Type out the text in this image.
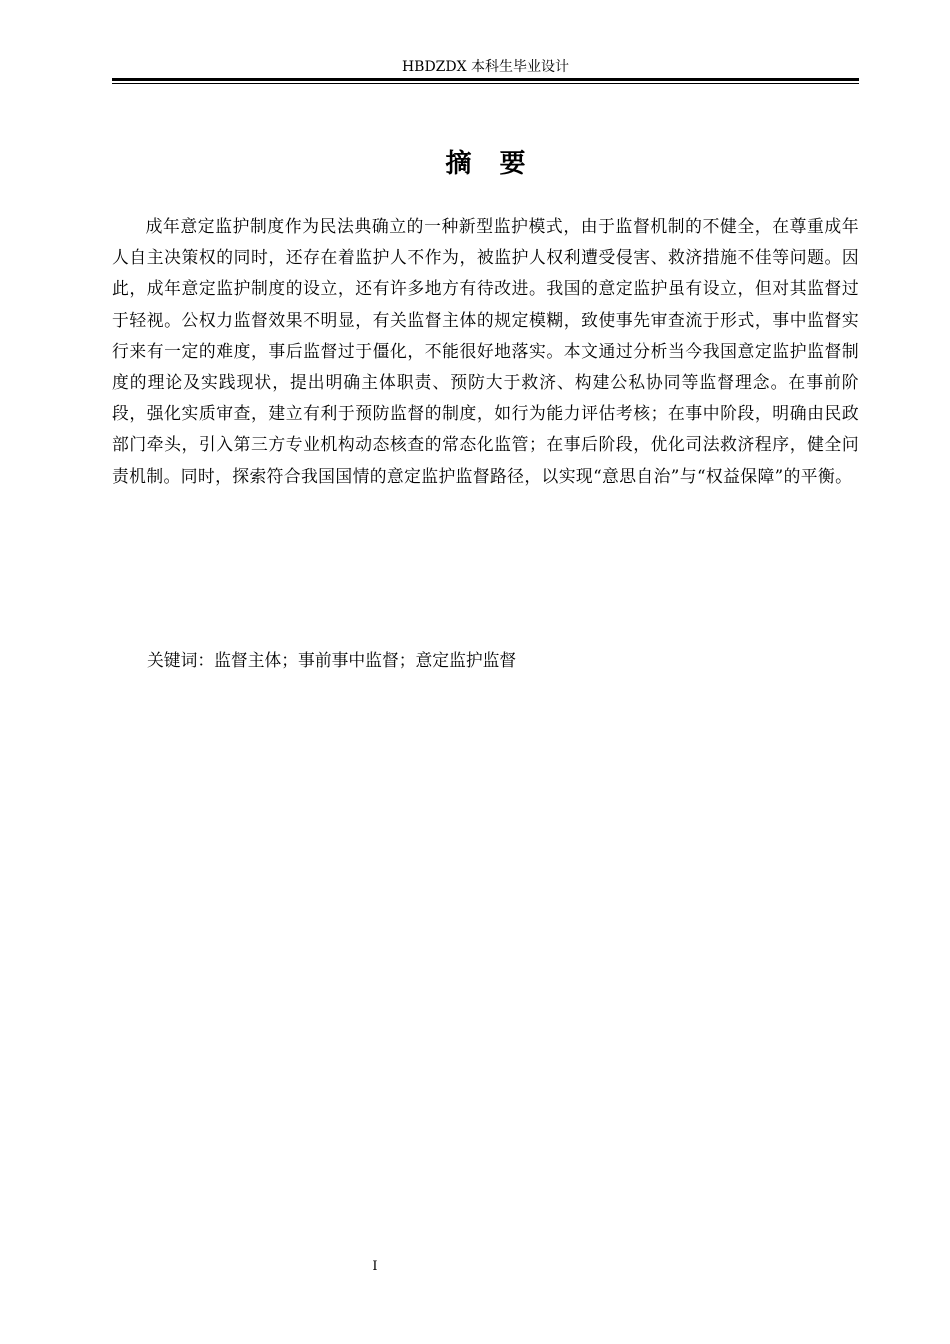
HBDZDX 本科生毕业设计
摘要

成年意定监护制度作为民法典确立的一种新型监护模式，由于监督机制的不健全，在尊重成年人自主决策权的同时，还存在着监护人不作为，被监护人权利遭受侵害、救济措施不佳等问题。因此，成年意定监护制度的设立，还有许多地方有待改进。我国的意定监护虽有设立，但对其监督过于轻视。公权力监督效果不明显，有关监督主体的规定模糊，致使事先审查流于形式，事中监督实行来有一定的难度，事后监督过于僵化，不能很好地落实。本文通过分析当今我国意定监护监督制度的理论及实践现状，提出明确主体职责、预防大于救济、构建公私协同等监督理念。在事前阶段，强化实质审查，建立有利于预防监督的制度，如行为能力评估考核；在事中阶段，明确由民政部门牵头，引入第三方专业机构动态核查的常态化监管；在事后阶段，优化司法救济程序，健全问责机制。同时，探索符合我国国情的意定监护监督路径，以实现“意思自治”与“权益保障”的平衡。

关键词：监督主体；事前事中监督；意定监护监督
I
